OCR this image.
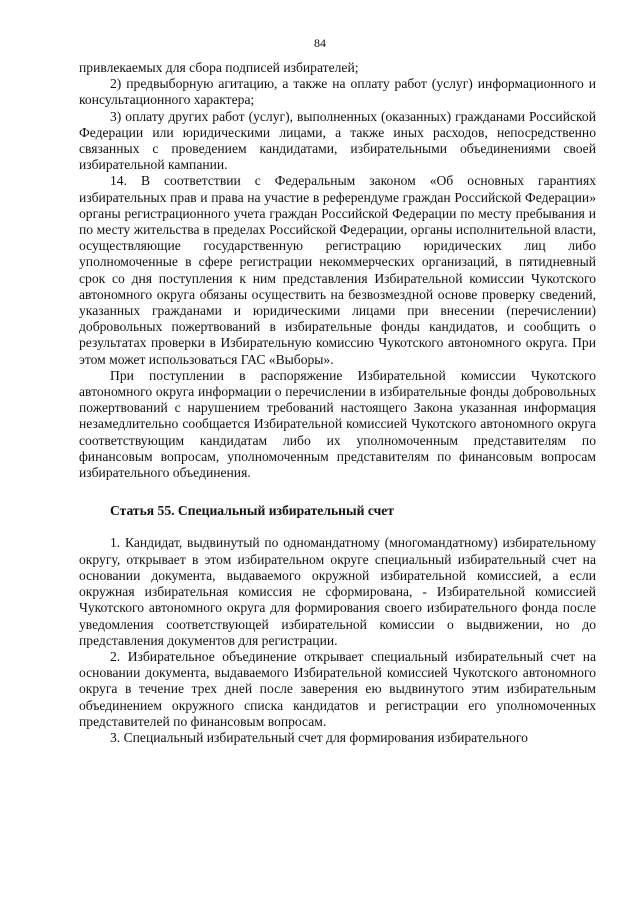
84

привлекаемых для сбора подписей избирателей;

2) предвыборную агитацию, а также на оплату работ (услуг) информационного и консультационного характера;

3) оплату других работ (услуг), выполненных (оказанных) гражданами Российской Федерации или юридическими лицами, а также иных расходов, непосредственно связанных с проведением кандидатами, избирательными объединениями своей избирательной кампании.

14. В соответствии с Федеральным законом «Об основных гарантиях избирательных прав и права на участие в референдуме граждан Российской Федерации» органы регистрационного учета граждан Российской Федерации по месту пребывания и по месту жительства в пределах Российской Федерации, органы исполнительной власти, осуществляющие государственную регистрацию юридических лиц либо уполномоченные в сфере регистрации некоммерческих организаций, в пятидневный срок со дня поступления к ним представления Избирательной комиссии Чукотского автономного округа обязаны осуществить на безвозмездной основе проверку сведений, указанных гражданами и юридическими лицами при внесении (перечислении) добровольных пожертвований в избирательные фонды кандидатов, и сообщить о результатах проверки в Избирательную комиссию Чукотского автономного округа. При этом может использоваться ГАС «Выборы».

При поступлении в распоряжение Избирательной комиссии Чукотского автономного округа информации о перечислении в избирательные фонды добровольных пожертвований с нарушением требований настоящего Закона указанная информация незамедлительно сообщается Избирательной комиссией Чукотского автономного округа соответствующим кандидатам либо их уполномоченным представителям по финансовым вопросам, уполномоченным представителям по финансовым вопросам избирательного объединения.

Статья 55. Специальный избирательный счет

1. Кандидат, выдвинутый по одномандатному (многомандатному) избирательному округу, открывает в этом избирательном округе специальный избирательный счет на основании документа, выдаваемого окружной избирательной комиссией, а если окружная избирательная комиссия не сформирована, - Избирательной комиссией Чукотского автономного округа для формирования своего избирательного фонда после уведомления соответствующей избирательной комиссии о выдвижении, но до представления документов для регистрации.

2. Избирательное объединение открывает специальный избирательный счет на основании документа, выдаваемого Избирательной комиссией Чукотского автономного округа в течение трех дней после заверения ею выдвинутого этим избирательным объединением окружного списка кандидатов и регистрации его уполномоченных представителей по финансовым вопросам.

3. Специальный избирательный счет для формирования избирательного
